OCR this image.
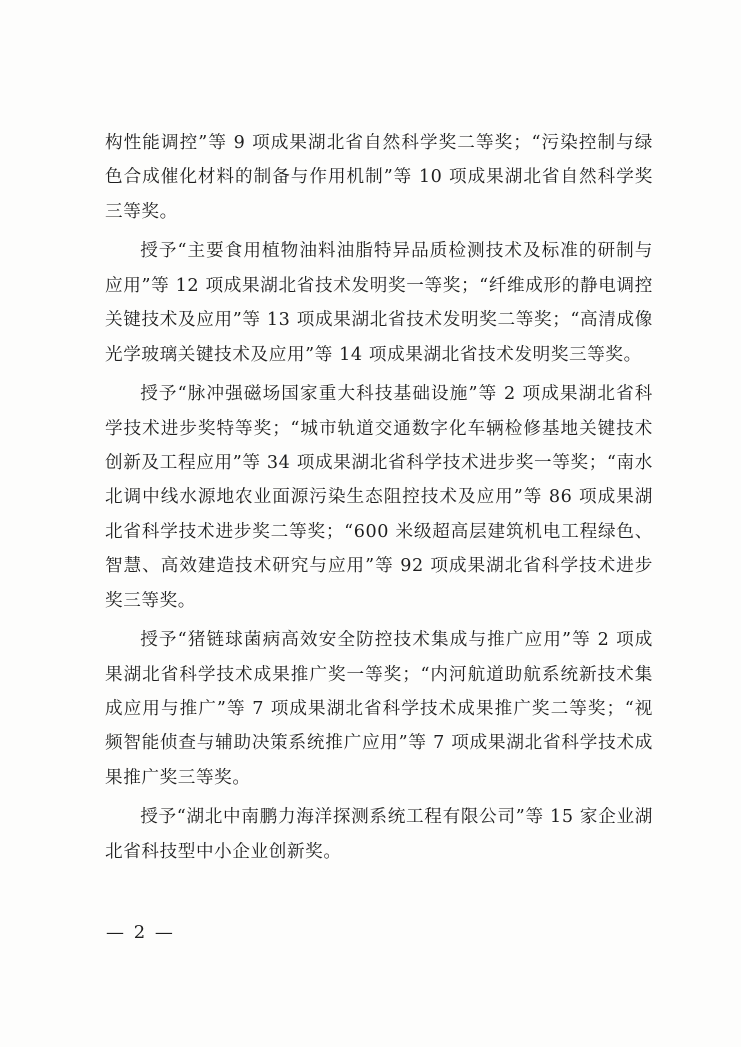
构性能调控”等 9 项成果湖北省自然科学奖二等奖；“污染控制与绿色合成催化材料的制备与作用机制”等 10 项成果湖北省自然科学奖三等奖。

授予“主要食用植物油料油脂特异品质检测技术及标准的研制与应用”等 12 项成果湖北省技术发明奖一等奖；“纤维成形的静电调控关键技术及应用”等 13 项成果湖北省技术发明奖二等奖；“高清成像光学玻璃关键技术及应用”等 14 项成果湖北省技术发明奖三等奖。

授予“脉冲强磁场国家重大科技基础设施”等 2 项成果湖北省科学技术进步奖特等奖；“城市轨道交通数字化车辆检修基地关键技术创新及工程应用”等 34 项成果湖北省科学技术进步奖一等奖；“南水北调中线水源地农业面源污染生态阻控技术及应用”等 86 项成果湖北省科学技术进步奖二等奖；“600 米级超高层建筑机电工程绿色、智慧、高效建造技术研究与应用”等 92 项成果湖北省科学技术进步奖三等奖。

授予“猪链球菌病高效安全防控技术集成与推广应用”等 2 项成果湖北省科学技术成果推广奖一等奖；“内河航道助航系统新技术集成应用与推广”等 7 项成果湖北省科学技术成果推广奖二等奖；“视频智能侦查与辅助决策系统推广应用”等 7 项成果湖北省科学技术成果推广奖三等奖。

授予“湖北中南鹏力海洋探测系统工程有限公司”等 15 家企业湖北省科技型中小企业创新奖。

— 2 —
